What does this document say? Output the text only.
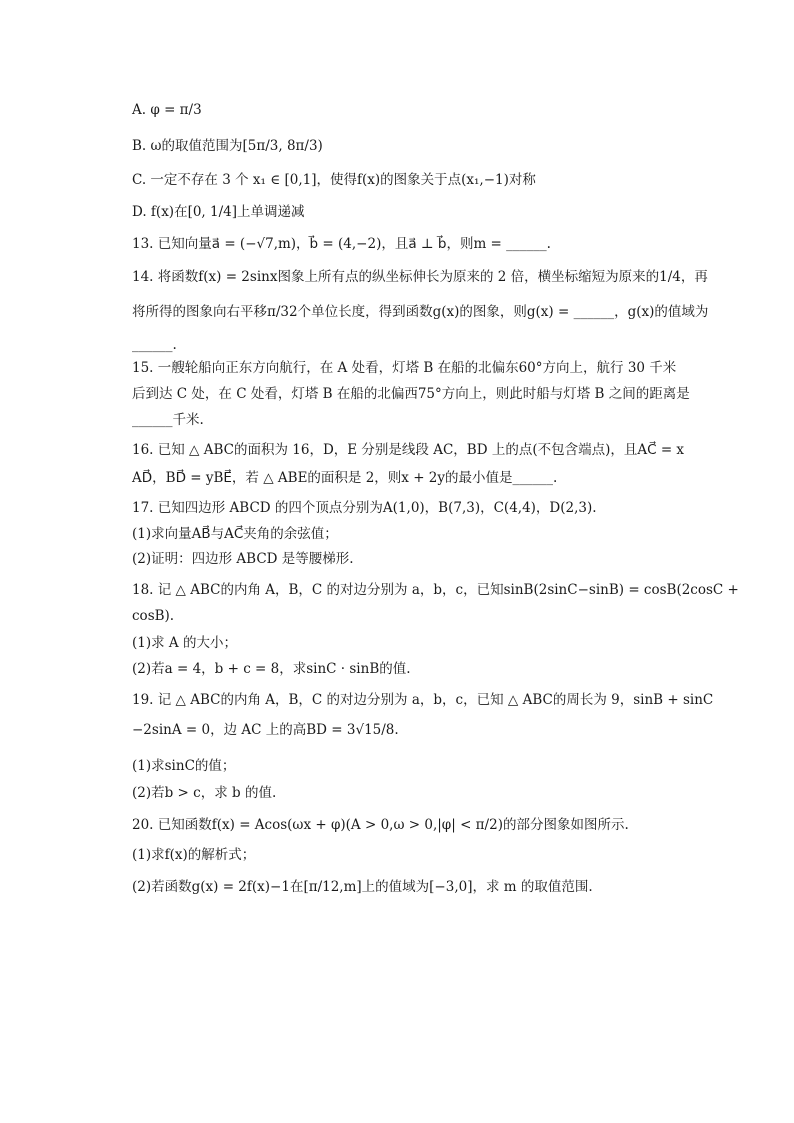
A. φ = π/3
B. ω的取值范围为[5π/3, 8π/3)
C. 一定不存在 3 个 x₁ ∈ [0,1]，使得f(x)的图象关于点(x₁,−1)对称
D. f(x)在[0, 1/4]上单调递减
13. 已知向量a⃗ = (−√7,m)，b⃗ = (4,−2)，且a⃗ ⊥ b⃗，则m = ______.
14. 将函数f(x) = 2sinx图象上所有点的纵坐标伸长为原来的 2 倍，横坐标缩短为原来的1/4，再
将所得的图象向右平移π/32个单位长度，得到函数g(x)的图象，则g(x) = ______，g(x)的值域为
______.
15. 一艘轮船向正东方向航行，在 A 处看，灯塔 B 在船的北偏东60°方向上，航行 30 千米
后到达 C 处，在 C 处看，灯塔 B 在船的北偏西75°方向上，则此时船与灯塔 B 之间的距离是
______千米.
16. 已知 △ ABC的面积为 16，D，E 分别是线段 AC，BD 上的点(不包含端点)，且AC⃗ = x
AD⃗，BD⃗ = yBE⃗，若 △ ABE的面积是 2，则x + 2y的最小值是______.
17. 已知四边形 ABCD 的四个顶点分别为A(1,0)，B(7,3)，C(4,4)，D(2,3).
(1)求向量AB⃗与AC⃗夹角的余弦值；
(2)证明：四边形 ABCD 是等腰梯形.
18. 记 △ ABC的内角 A，B，C 的对边分别为 a，b，c，已知sinB(2sinC−sinB) = cosB(2cosC +
cosB).
(1)求 A 的大小；
(2)若a = 4，b + c = 8，求sinC · sinB的值.
19. 记 △ ABC的内角 A，B，C 的对边分别为 a，b，c，已知 △ ABC的周长为 9，sinB + sinC
−2sinA = 0，边 AC 上的高BD = 3√15/8.
(1)求sinC的值；
(2)若b > c，求 b 的值.
20. 已知函数f(x) = Acos(ωx + φ)(A > 0,ω > 0,|φ| < π/2)的部分图象如图所示.
(1)求f(x)的解析式；
(2)若函数g(x) = 2f(x)−1在[π/12,m]上的值域为[−3,0]，求 m 的取值范围.
